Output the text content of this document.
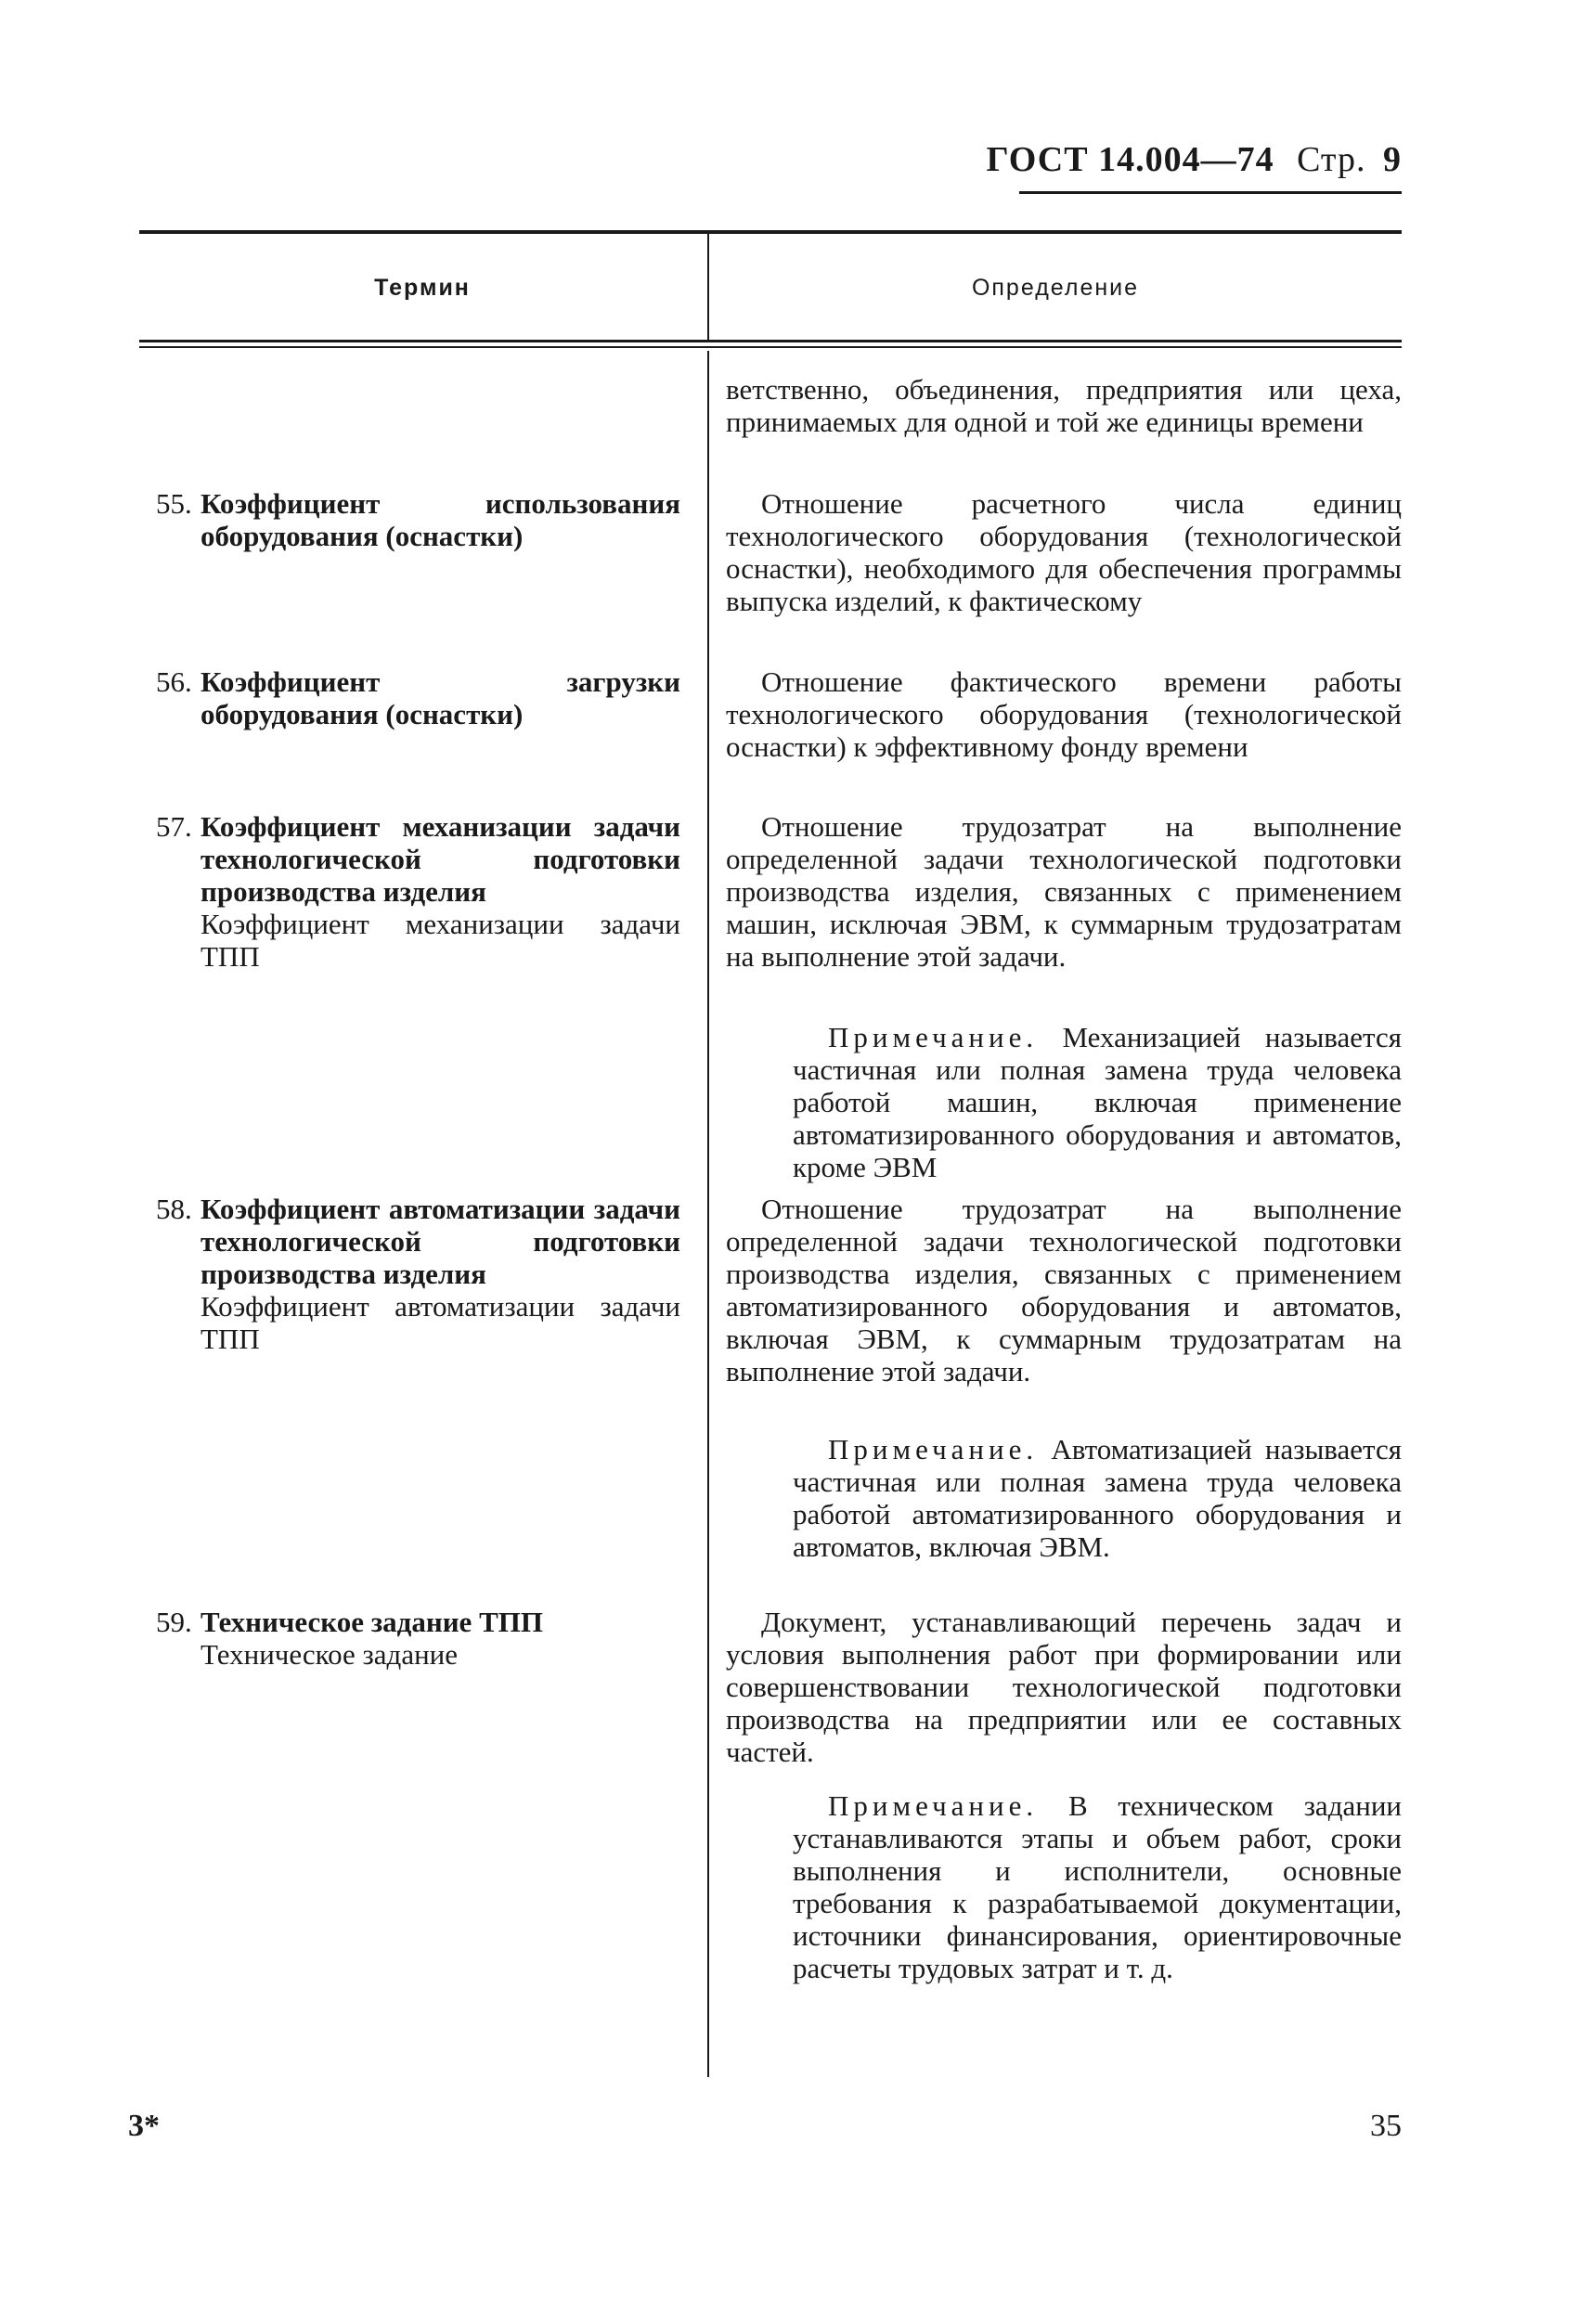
ГОСТ 14.004—74 Стр. 9
Термин	Определение

ветственно, объединения, предприятия или цеха, принимаемых для одной и той же единицы времени

55. Коэффициент использования оборудования (оснастки)

Отношение расчетного числа единиц технологического оборудования (технологической оснастки), необходимого для обеспечения программы выпуска изделий, к фактическому

56. Коэффициент загрузки оборудования (оснастки)

Отношение фактического времени работы технологического оборудования (технологической оснастки) к эффективному фонду времени

57. Коэффициент механизации задачи технологической подготовки производства изделия
Коэффициент механизации задачи ТПП

Отношение трудозатрат на выполнение определенной задачи технологической подготовки производства изделия, связанных с применением машин, исключая ЭВМ, к суммарным трудозатратам на выполнение этой задачи.

Примечание. Механизацией называется частичная или полная замена труда человека работой машин, включая применение автоматизированного оборудования и автоматов, кроме ЭВМ

58. Коэффициент автоматизации задачи технологической подготовки производства изделия
Коэффициент автоматизации задачи ТПП

Отношение трудозатрат на выполнение определенной задачи технологической подготовки производства изделия, связанных с применением автоматизированного оборудования и автоматов, включая ЭВМ, к суммарным трудозатратам на выполнение этой задачи.

Примечание. Автоматизацией называется частичная или полная замена труда человека работой автоматизированного оборудования и автоматов, включая ЭВМ.

59. Техническое задание ТПП
Техническое задание

Документ, устанавливающий перечень задач и условия выполнения работ при формировании или совершенствовании технологической подготовки производства на предприятии или ее составных частей.

Примечание. В техническом задании устанавливаются этапы и объем работ, сроки выполнения и исполнители, основные требования к разрабатываемой документации, источники финансирования, ориентировочные расчеты трудовых затрат и т. д.

3*	35
